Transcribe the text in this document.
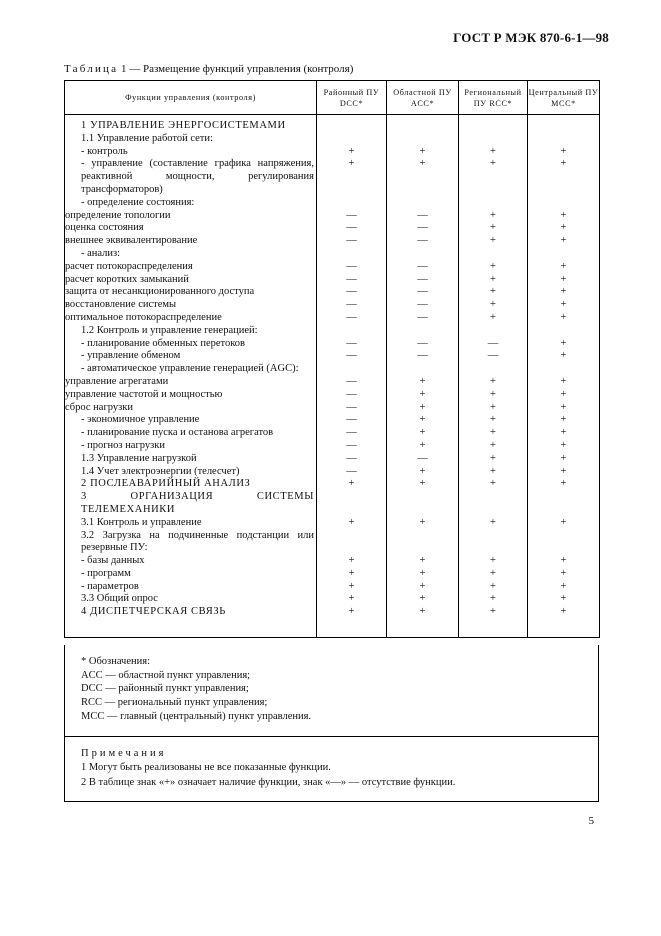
ГОСТ Р МЭК 870-6-1—98
Таблица 1 — Размещение функций управления (контроля)
Функции управления (контроля)	Районный ПУ DCC*	Областной ПУ ACC*	Региональный ПУ RCC*	Центральный ПУ MCC*
1 УПРАВЛЕНИЕ ЭНЕРГОСИСТЕМАМИ				
1.1 Управление работой сети:				
- контроль	+	+	+	+
- управление (составление графика напряжения, реактивной мощности, регулирования трансформаторов)	+	+	+	+
- определение состояния:				
определение топологии	—	—	+	+
оценка состояния	—	—	+	+
внешнее эквивалентирование	—	—	+	+
- анализ:				
расчет потокораспределения	—	—	+	+
расчет коротких замыканий	—	—	+	+
защита от несанкционированного доступа	—	—	+	+
восстановление системы	—	—	+	+
оптимальное потокораспределение	—	—	+	+
1.2 Контроль и управление генерацией:				
- планирование обменных перетоков	—	—	—	+
- управление обменом	—	—	—	+
- автоматическое управление генерацией (AGC):				
управление агрегатами	—	+	+	+
управление частотой и мощностью	—	+	+	+
сброс нагрузки	—	+	+	+
- экономичное управление	—	+	+	+
- планирование пуска и останова агрегатов	—	+	+	+
- прогноз нагрузки	—	+	+	+
1.3 Управление нагрузкой	—	—	+	+
1.4 Учет электроэнергии (телесчет)	—	+	+	+
2 ПОСЛЕАВАРИЙНЫЙ АНАЛИЗ	+	+	+	+
3 ОРГАНИЗАЦИЯ СИСТЕМЫ ТЕЛЕМЕХАНИКИ				
3.1 Контроль и управление	+	+	+	+
3.2 Загрузка на подчиненные подстанции или резервные ПУ:				
- базы данных	+	+	+	+
- программ	+	+	+	+
- параметров	+	+	+	+
3.3 Общий опрос	+	+	+	+
4 ДИСПЕТЧЕРСКАЯ СВЯЗЬ	+	+	+	+
* Обозначения:
ACC — областной пункт управления;
DCC — районный пункт управления;
RCC — региональный пункт управления;
MCC — главный (центральный) пункт управления.
Примечания
1 Могут быть реализованы не все показанные функции.
2 В таблице знак «+» означает наличие функции, знак «—» — отсутствие функции.
5
